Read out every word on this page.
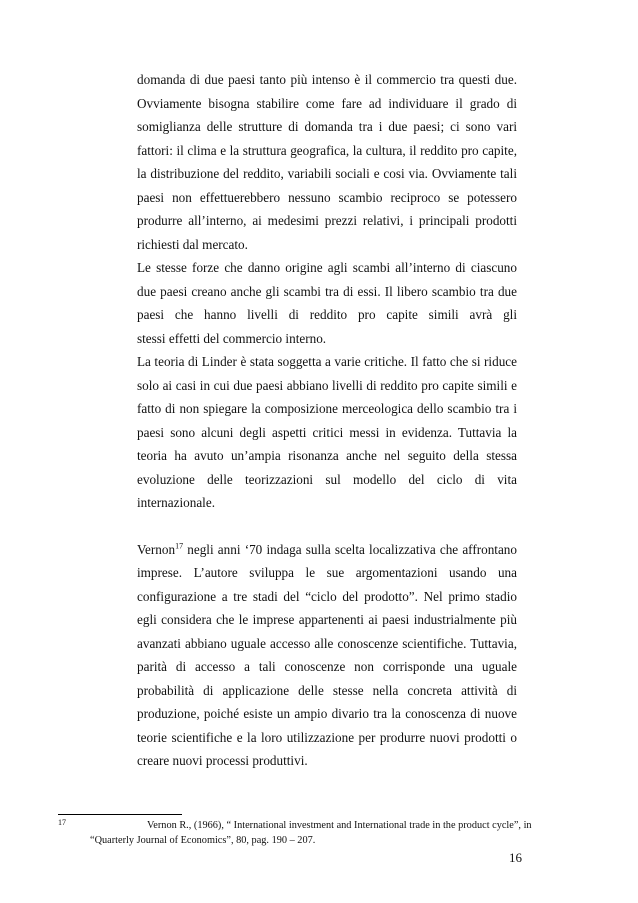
domanda di due paesi tanto più intenso è il commercio tra questi due.
Ovviamente bisogna stabilire come fare ad individuare il grado di
somiglianza delle strutture di domanda tra i due paesi; ci sono vari
fattori: il clima e la struttura geografica, la cultura, il reddito pro capite,
la distribuzione del reddito, variabili sociali e cosi via. Ovviamente tali
paesi non effettuerebbero nessuno scambio reciproco se potessero
produrre all’interno, ai medesimi prezzi relativi, i principali prodotti
richiesti dal mercato.
Le stesse forze che danno origine agli scambi all’interno di ciascuno
due paesi creano anche gli scambi tra di essi. Il libero scambio tra due
paesi che hanno livelli di reddito pro capite simili avrà gli
stessi effetti del commercio interno.
La teoria di Linder è stata soggetta a varie critiche. Il fatto che si riduce
solo ai casi in cui due paesi abbiano livelli di reddito pro capite simili e
fatto di non spiegare la composizione merceologica dello scambio tra i
paesi sono alcuni degli aspetti critici messi in evidenza. Tuttavia la
teoria ha avuto un’ampia risonanza anche nel seguito della stessa
evoluzione delle teorizzazioni sul modello del ciclo di vita
internazionale.
Vernon$^{17}$ negli anni ‘70 indaga sulla scelta localizzativa che affrontano
imprese. L’autore sviluppa le sue argomentazioni usando una
configurazione a tre stadi del “ciclo del prodotto”. Nel primo stadio
egli considera che le imprese appartenenti ai paesi industrialmente più
avanzati abbiano uguale accesso alle conoscenze scientifiche. Tuttavia,
parità di accesso a tali conoscenze non corrisponde una uguale
probabilità di applicazione delle stesse nella concreta attività di
produzione, poiché esiste un ampio divario tra la conoscenza di nuove
teorie scientifiche e la loro utilizzazione per produrre nuovi prodotti o
creare nuovi processi produttivi.
17	Vernon R., (1966), “ International investment and International trade in the product cycle”, in
“Quarterly Journal of Economics”, 80, pag. 190 – 207.
16
